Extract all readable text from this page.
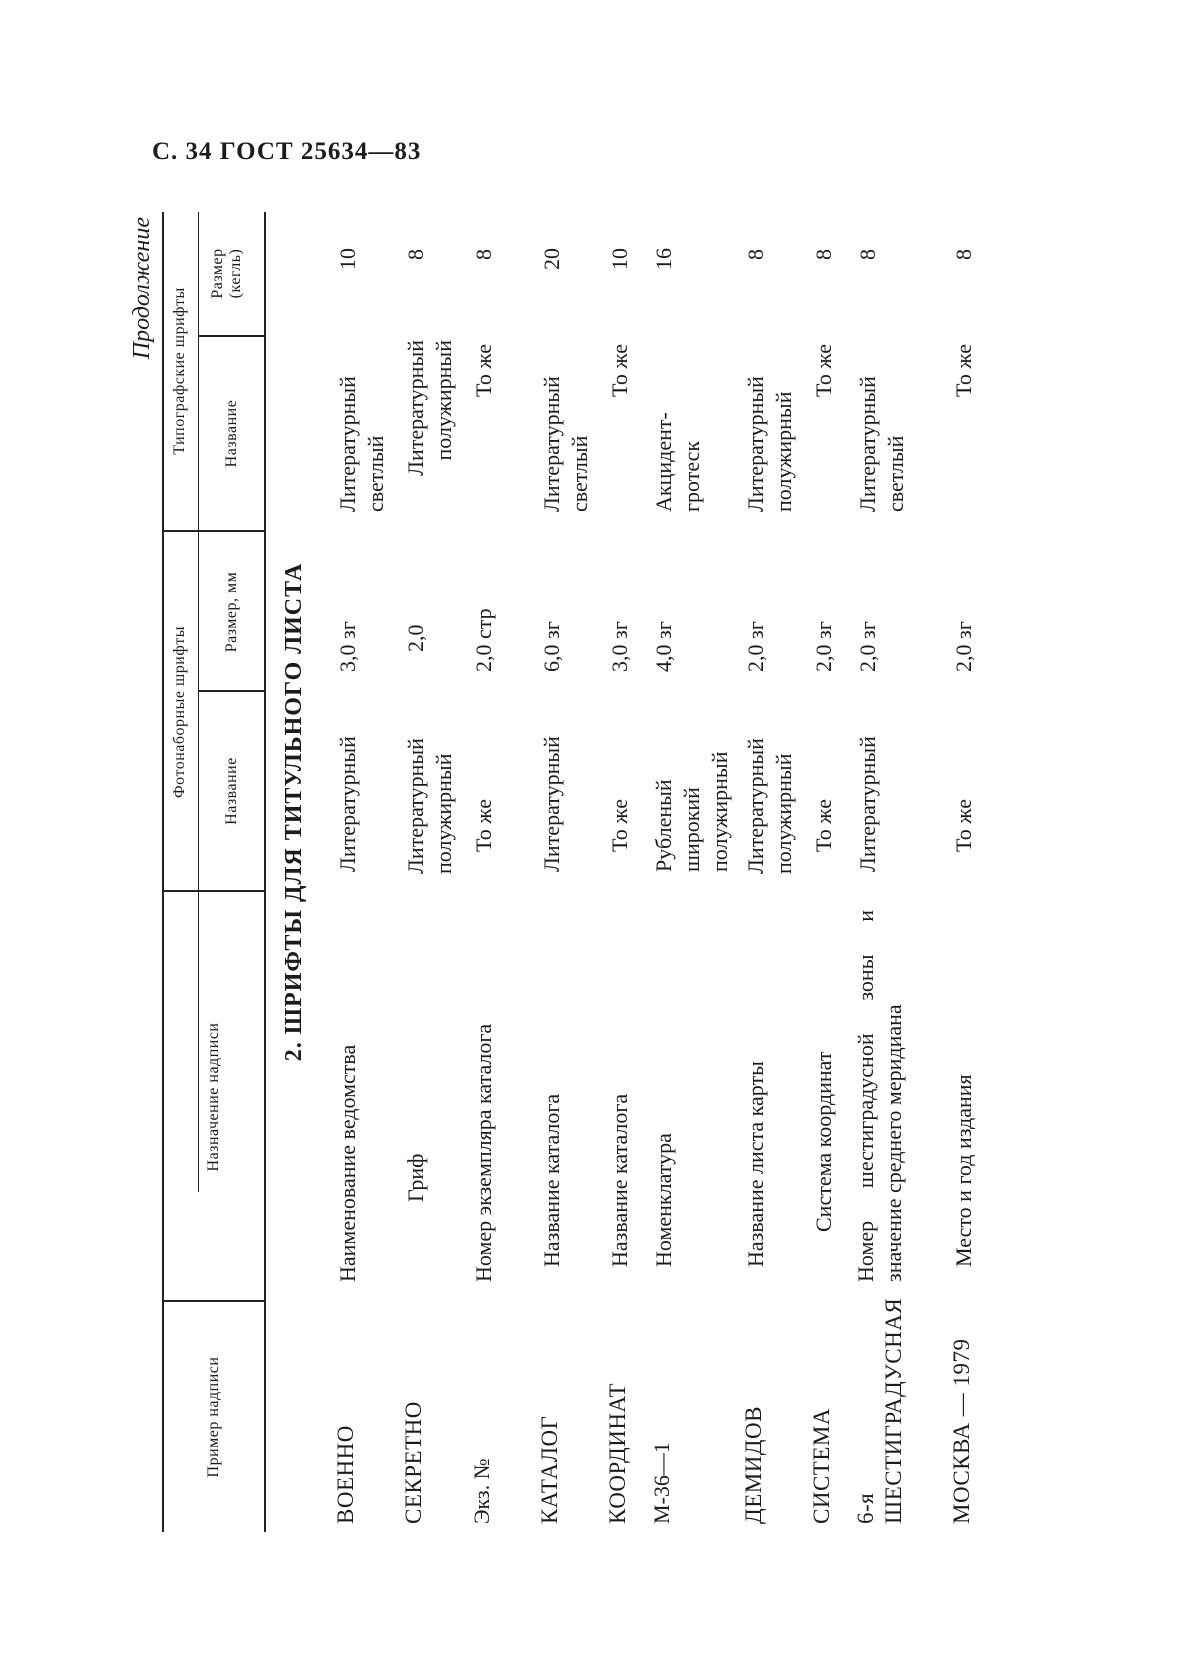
С. 34 ГОСТ 25634—83
Продолжение
Пример надписи
Назначение надписи
Фотонаборные шрифты Название
Размер, мм
Типографские шрифты Название
Размер (кегль)
2. ШРИФТЫ ДЛЯ ТИТУЛЬНОГО ЛИСТА
ВОЕННО
Наименование ведомства
Литературный
3,0 зг
Литературный светлый
10
СЕКРЕТНО
Гриф
Литературный полужирный
2,0
Литературный полужирный
8
Экз. №
Номер экземпляра каталога
То же
2,0 стр
То же
8
КАТАЛОГ
Название каталога
Литературный
6,0 зг
Литературный светлый
20
КООРДИНАТ
Название каталога
То же
3,0 зг
То же
10
М-36—1
Номенклатура
Рубленый широкий полужирный
4,0 зг
Акцидент-гротеск
16
ДЕМИДОВ
Название листа карты
Литературный полужирный
2,0 зг
Литературный полужирный
8
СИСТЕМА
Система координат
То же
2,0 зг
То же
8
6-я ШЕСТИГРАДУСНАЯ
Номер шестиградусной зоны и значение среднего меридиана
Литературный
2,0 зг
Литературный светлый
8
МОСКВА — 1979
Место и год издания
То же
2,0 зг
То же
8
